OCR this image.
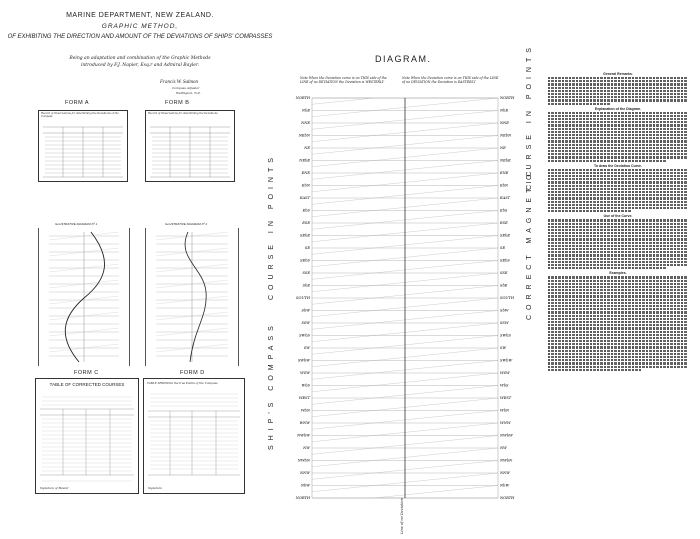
MARINE DEPARTMENT, NEW ZEALAND.
GRAPHIC METHOD,
OF EXHIBITING THE DIRECTION AND AMOUNT OF THE DEVIATIONS OF SHIPS' COMPASSES
Being an adaptation and combination of the Graphic Methods
introduced by F.J. Napier, Esq.r and Admiral Bayler.
Francis W. Salmon
Compass Adjuster
Wellington, N.Z.
FORM A
Record of Observations for determining the Deviations of the Compass
FORM B
Record of Observations for determining the Deviations
ILLUSTRATIVE DIAGRAM Nº 1	ILLUSTRATIVE DIAGRAM Nº 2
FORM C	FORM D
TABLE OF CORRECTED COURSES
Signature of Master
TABLE SHOWING the true Points of the Compass
Signature
DIAGRAM.
Note When the Deviation curve is on THIS side of the LINE of no DEVIATION the Deviation is WESTERLY
Note When the Deviation curve is on THIS side of the LINE of no DEVIATION the Deviation is EASTERLY
NORTH
NbE
NNE
NEbN
NE
NEbE
ENE
EbN
EAST
EbS
ESE
SEbE
SE
SEbS
SSE
SbE
SOUTH
SbW
SSW
SWbS
SW
SWbW
WSW
WbS
WEST
WbN
WNW
NWbW
NW
NWbN
NNW
NbW
NORTH
NORTH
NbE
NNE
NEbN
NE
NEbE
ENE
EbN
EAST
EbS
ESE
SEbE
SE
SEbS
SSE
SbE
SOUTH
SbW
SSW
SWbS
SW
SWbW
WSW
WbS
WEST
WbN
WNW
NWbW
NW
NWbN
NNW
NbW
NORTH
SHIP'S COMPASS
COURSE IN POINTS	CORRECT MAGNETIC
COURSE IN POINTS
Line of no Deviation
General Remarks.
Explanation of the Diagram.
To draw the Deviation Curve.
Use of the Curve.
Examples.
